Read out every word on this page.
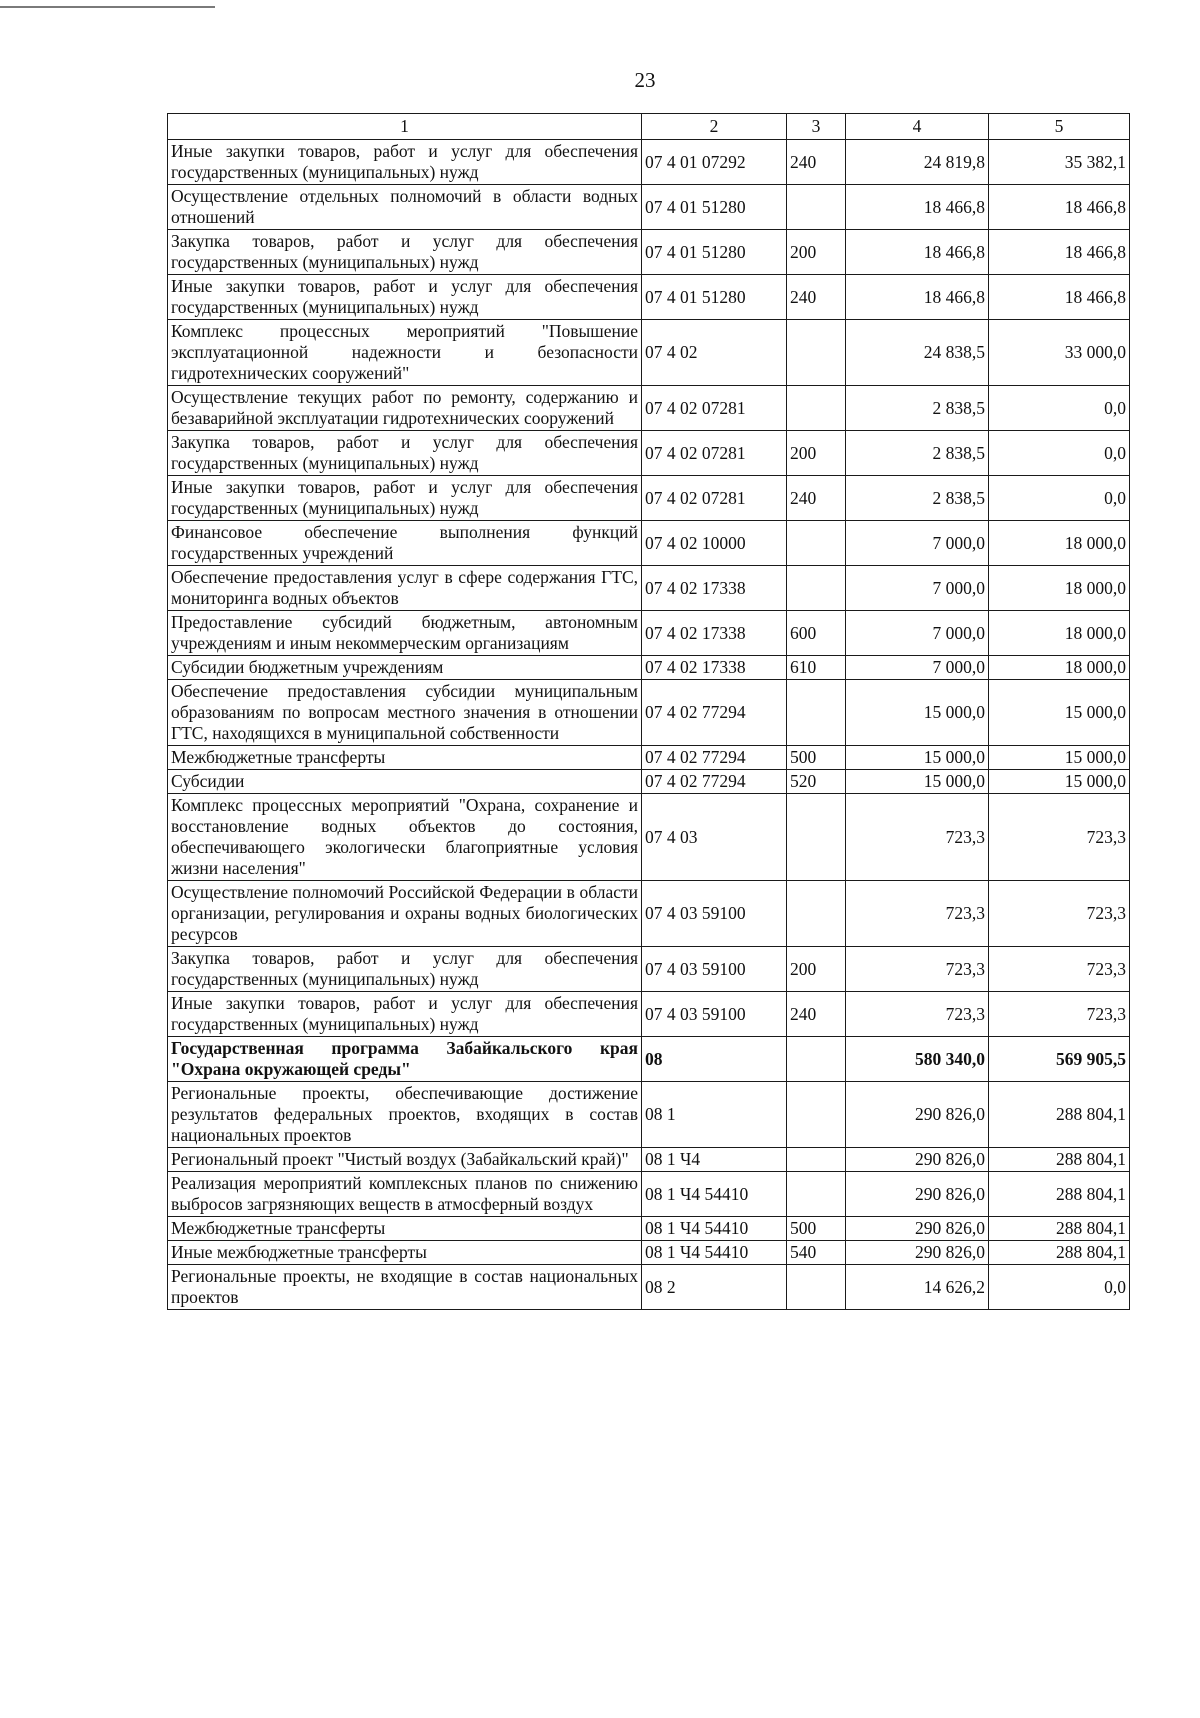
23
1	2	3	4	5
Иные закупки товаров, работ и услуг для обеспечения государственных (муниципальных) нужд	07 4 01 07292	240	24 819,8	35 382,1
Осуществление отдельных полномочий в области водных отношений	07 4 01 51280		18 466,8	18 466,8
Закупка товаров, работ и услуг для обеспечения государственных (муниципальных) нужд	07 4 01 51280	200	18 466,8	18 466,8
Иные закупки товаров, работ и услуг для обеспечения государственных (муниципальных) нужд	07 4 01 51280	240	18 466,8	18 466,8
Комплекс процессных мероприятий "Повышение эксплуатационной надежности и безопасности гидротехнических сооружений"	07 4 02		24 838,5	33 000,0
Осуществление текущих работ по ремонту, содержанию и безаварийной эксплуатации гидротехнических сооружений	07 4 02 07281		2 838,5	0,0
Закупка товаров, работ и услуг для обеспечения государственных (муниципальных) нужд	07 4 02 07281	200	2 838,5	0,0
Иные закупки товаров, работ и услуг для обеспечения государственных (муниципальных) нужд	07 4 02 07281	240	2 838,5	0,0
Финансовое обеспечение выполнения функций государственных учреждений	07 4 02 10000		7 000,0	18 000,0
Обеспечение предоставления услуг в сфере содержания ГТС, мониторинга водных объектов	07 4 02 17338		7 000,0	18 000,0
Предоставление субсидий бюджетным, автономным учреждениям и иным некоммерческим организациям	07 4 02 17338	600	7 000,0	18 000,0
Субсидии бюджетным учреждениям	07 4 02 17338	610	7 000,0	18 000,0
Обеспечение предоставления субсидии муниципальным образованиям по вопросам местного значения в отношении ГТС, находящихся в муниципальной собственности	07 4 02 77294		15 000,0	15 000,0
Межбюджетные трансферты	07 4 02 77294	500	15 000,0	15 000,0
Субсидии	07 4 02 77294	520	15 000,0	15 000,0
Комплекс процессных мероприятий "Охрана, сохранение и восстановление водных объектов до состояния, обеспечивающего экологически благоприятные условия жизни населения"	07 4 03		723,3	723,3
Осуществление полномочий Российской Федерации в области организации, регулирования и охраны водных биологических ресурсов	07 4 03 59100		723,3	723,3
Закупка товаров, работ и услуг для обеспечения государственных (муниципальных) нужд	07 4 03 59100	200	723,3	723,3
Иные закупки товаров, работ и услуг для обеспечения государственных (муниципальных) нужд	07 4 03 59100	240	723,3	723,3
Государственная программа Забайкальского края "Охрана окружающей среды"	08		580 340,0	569 905,5
Региональные проекты, обеспечивающие достижение результатов федеральных проектов, входящих в состав национальных проектов	08 1		290 826,0	288 804,1
Региональный проект "Чистый воздух (Забайкальский край)"	08 1 Ч4		290 826,0	288 804,1
Реализация мероприятий комплексных планов по снижению выбросов загрязняющих веществ в атмосферный воздух	08 1 Ч4 54410		290 826,0	288 804,1
Межбюджетные трансферты	08 1 Ч4 54410	500	290 826,0	288 804,1
Иные межбюджетные трансферты	08 1 Ч4 54410	540	290 826,0	288 804,1
Региональные проекты, не входящие в состав национальных проектов	08 2		14 626,2	0,0
